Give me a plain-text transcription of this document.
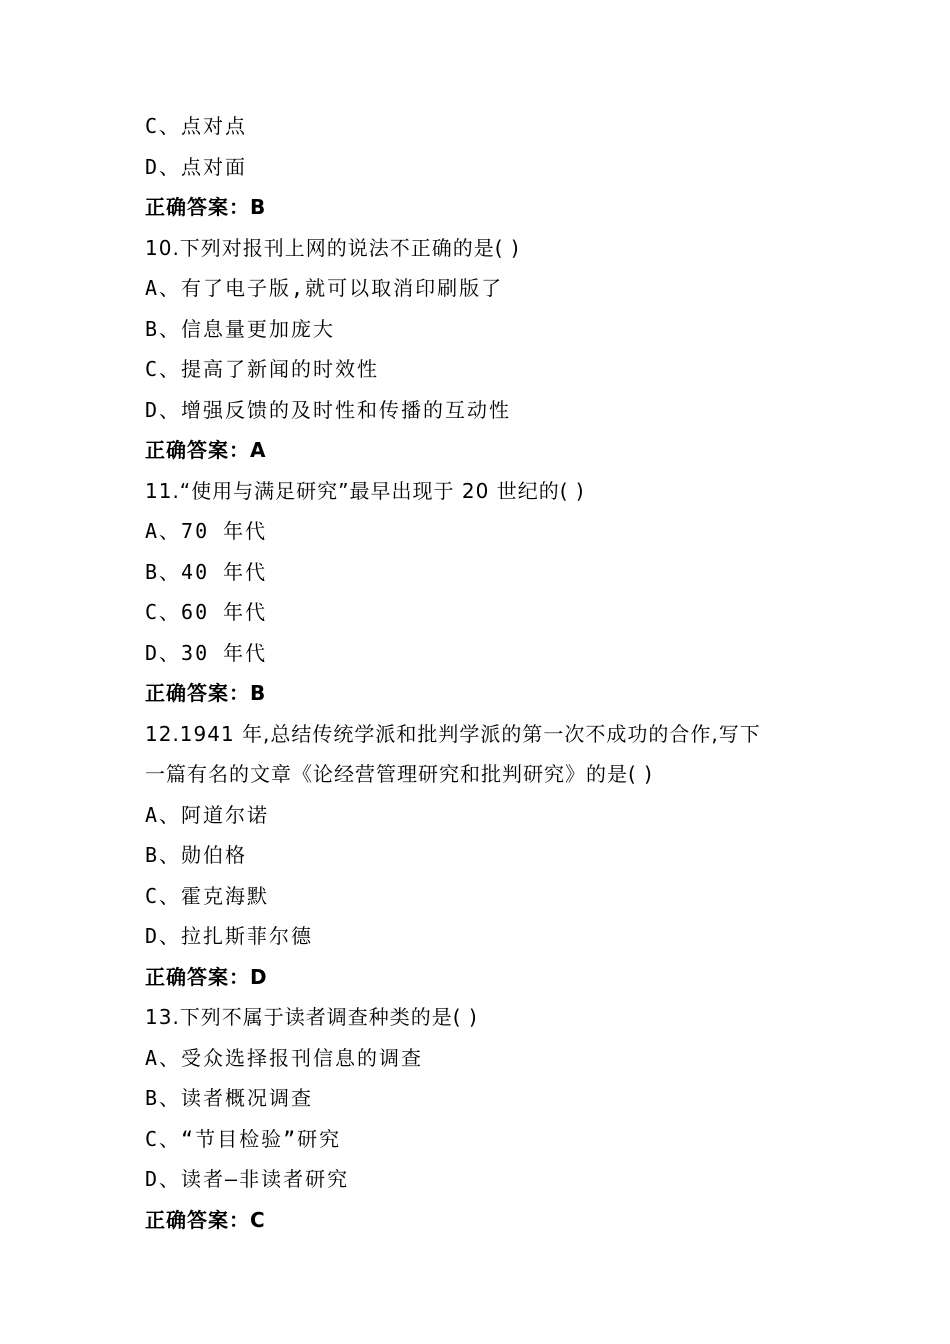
C、点对点
D、点对面
正确答案：B
10.下列对报刊上网的说法不正确的是( )
A、有了电子版,就可以取消印刷版了
B、信息量更加庞大
C、提高了新闻的时效性
D、增强反馈的及时性和传播的互动性
正确答案：A
11.“使用与满足研究”最早出现于 20 世纪的( )
A、70 年代
B、40 年代
C、60 年代
D、30 年代
正确答案：B
12.1941 年,总结传统学派和批判学派的第一次不成功的合作,写下
一篇有名的文章《论经营管理研究和批判研究》的是( )
A、阿道尔诺
B、勋伯格
C、霍克海默
D、拉扎斯菲尔德
正确答案：D
13.下列不属于读者调查种类的是( )
A、受众选择报刊信息的调查
B、读者概况调查
C、“节目检验”研究
D、读者—非读者研究
正确答案：C
